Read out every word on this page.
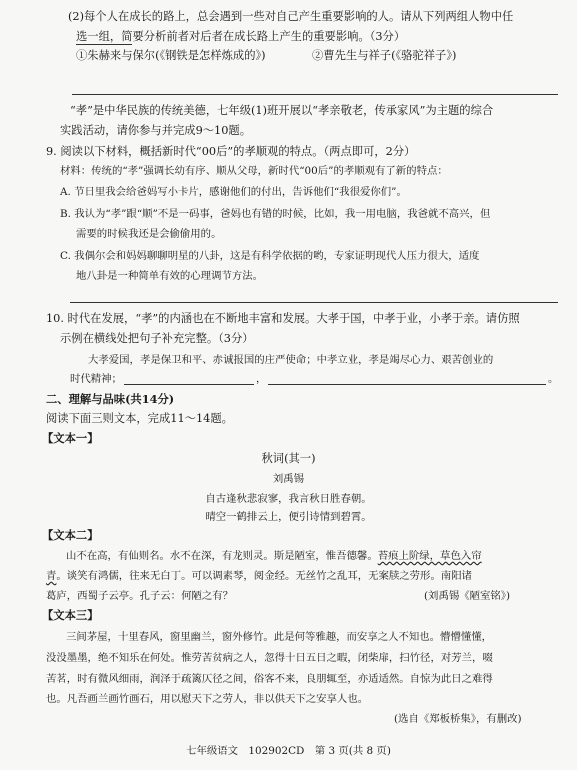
(2)每个人在成长的路上，总会遇到一些对自己产生重要影响的人。请从下列两组人物中任
选一组，简要分析前者对后者在成长路上产生的重要影响。（3分）
①朱赫来与保尔(《钢铁是怎样炼成的》)	②曹先生与祥子(《骆驼祥子》)
“孝”是中华民族的传统美德，七年级(1)班开展以“孝亲敬老，传承家风”为主题的综合
实践活动，请你参与并完成9～10题。
9. 阅读以下材料，概括新时代“00后”的孝顺观的特点。（两点即可，2分）
材料：传统的“孝”强调长幼有序、顺从父母，新时代“00后”的孝顺观有了新的特点：
A. 节日里我会给爸妈写小卡片，感谢他们的付出，告诉他们“我很爱你们”。
B. 我认为“孝”跟“顺”不是一码事，爸妈也有错的时候，比如，我一用电脑，我爸就不高兴，但
需要的时候我还是会偷偷用的。
C. 我偶尔会和妈妈聊聊明星的八卦，这是有科学依据的哟，专家证明现代人压力很大，适度
地八卦是一种简单有效的心理调节方法。
10. 时代在发展，“孝”的内涵也在不断地丰富和发展。大孝于国，中孝于业，小孝于亲。请仿照
示例在横线处把句子补充完整。（3分）
大孝爱国，孝是保卫和平、赤诚报国的庄严使命；中孝立业，孝是竭尽心力、艰苦创业的
时代精神；	，	。
二、理解与品味(共14分)
阅读下面三则文本，完成11～14题。
【文本一】
秋词(其一)
刘禹锡
自古逢秋悲寂寥，我言秋日胜春朝。
晴空一鹤排云上，便引诗情到碧霄。
【文本二】
山不在高，有仙则名。水不在深，有龙则灵。斯是陋室，惟吾德馨。苔痕上阶绿，草色入帘
青。谈笑有鸿儒，往来无白丁。可以调素琴，阅金经。无丝竹之乱耳，无案牍之劳形。南阳诸
葛庐，西蜀子云亭。孔子云：何陋之有？	(刘禹锡《陋室铭》)
【文本三】
三间茅屋，十里春风，窗里幽兰，窗外修竹。此是何等雅趣，而安享之人不知也。懵懵懂懂，
没没墨墨，绝不知乐在何处。惟劳苦贫病之人，忽得十日五日之暇，闭柴扉，扫竹径，对芳兰，啜
苦茗，时有微风细雨，润泽于疏篱仄径之间，俗客不来，良朋辄至，亦适适然。自惊为此日之难得
也。凡吾画兰画竹画石，用以慰天下之劳人，非以供天下之安享人也。
(选自《郑板桥集》，有删改)
七年级语文　102902CD　第 3 页(共 8 页)
